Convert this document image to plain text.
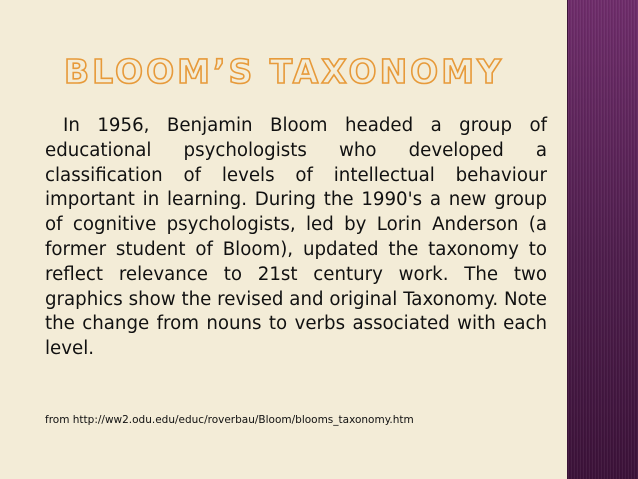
BLOOM’S TAXONOMY
In 1956, Benjamin Bloom headed a group of educational psychologists who developed a classification of levels of intellectual behaviour important in learning. During the 1990's a new group of cognitive psychologists, led by Lorin Anderson (a former student of Bloom), updated the taxonomy to reflect relevance to 21st century work. The two graphics show the revised and original Taxonomy. Note the change from nouns to verbs associated with each level.
from http://ww2.odu.edu/educ/roverbau/Bloom/blooms_taxonomy.htm
